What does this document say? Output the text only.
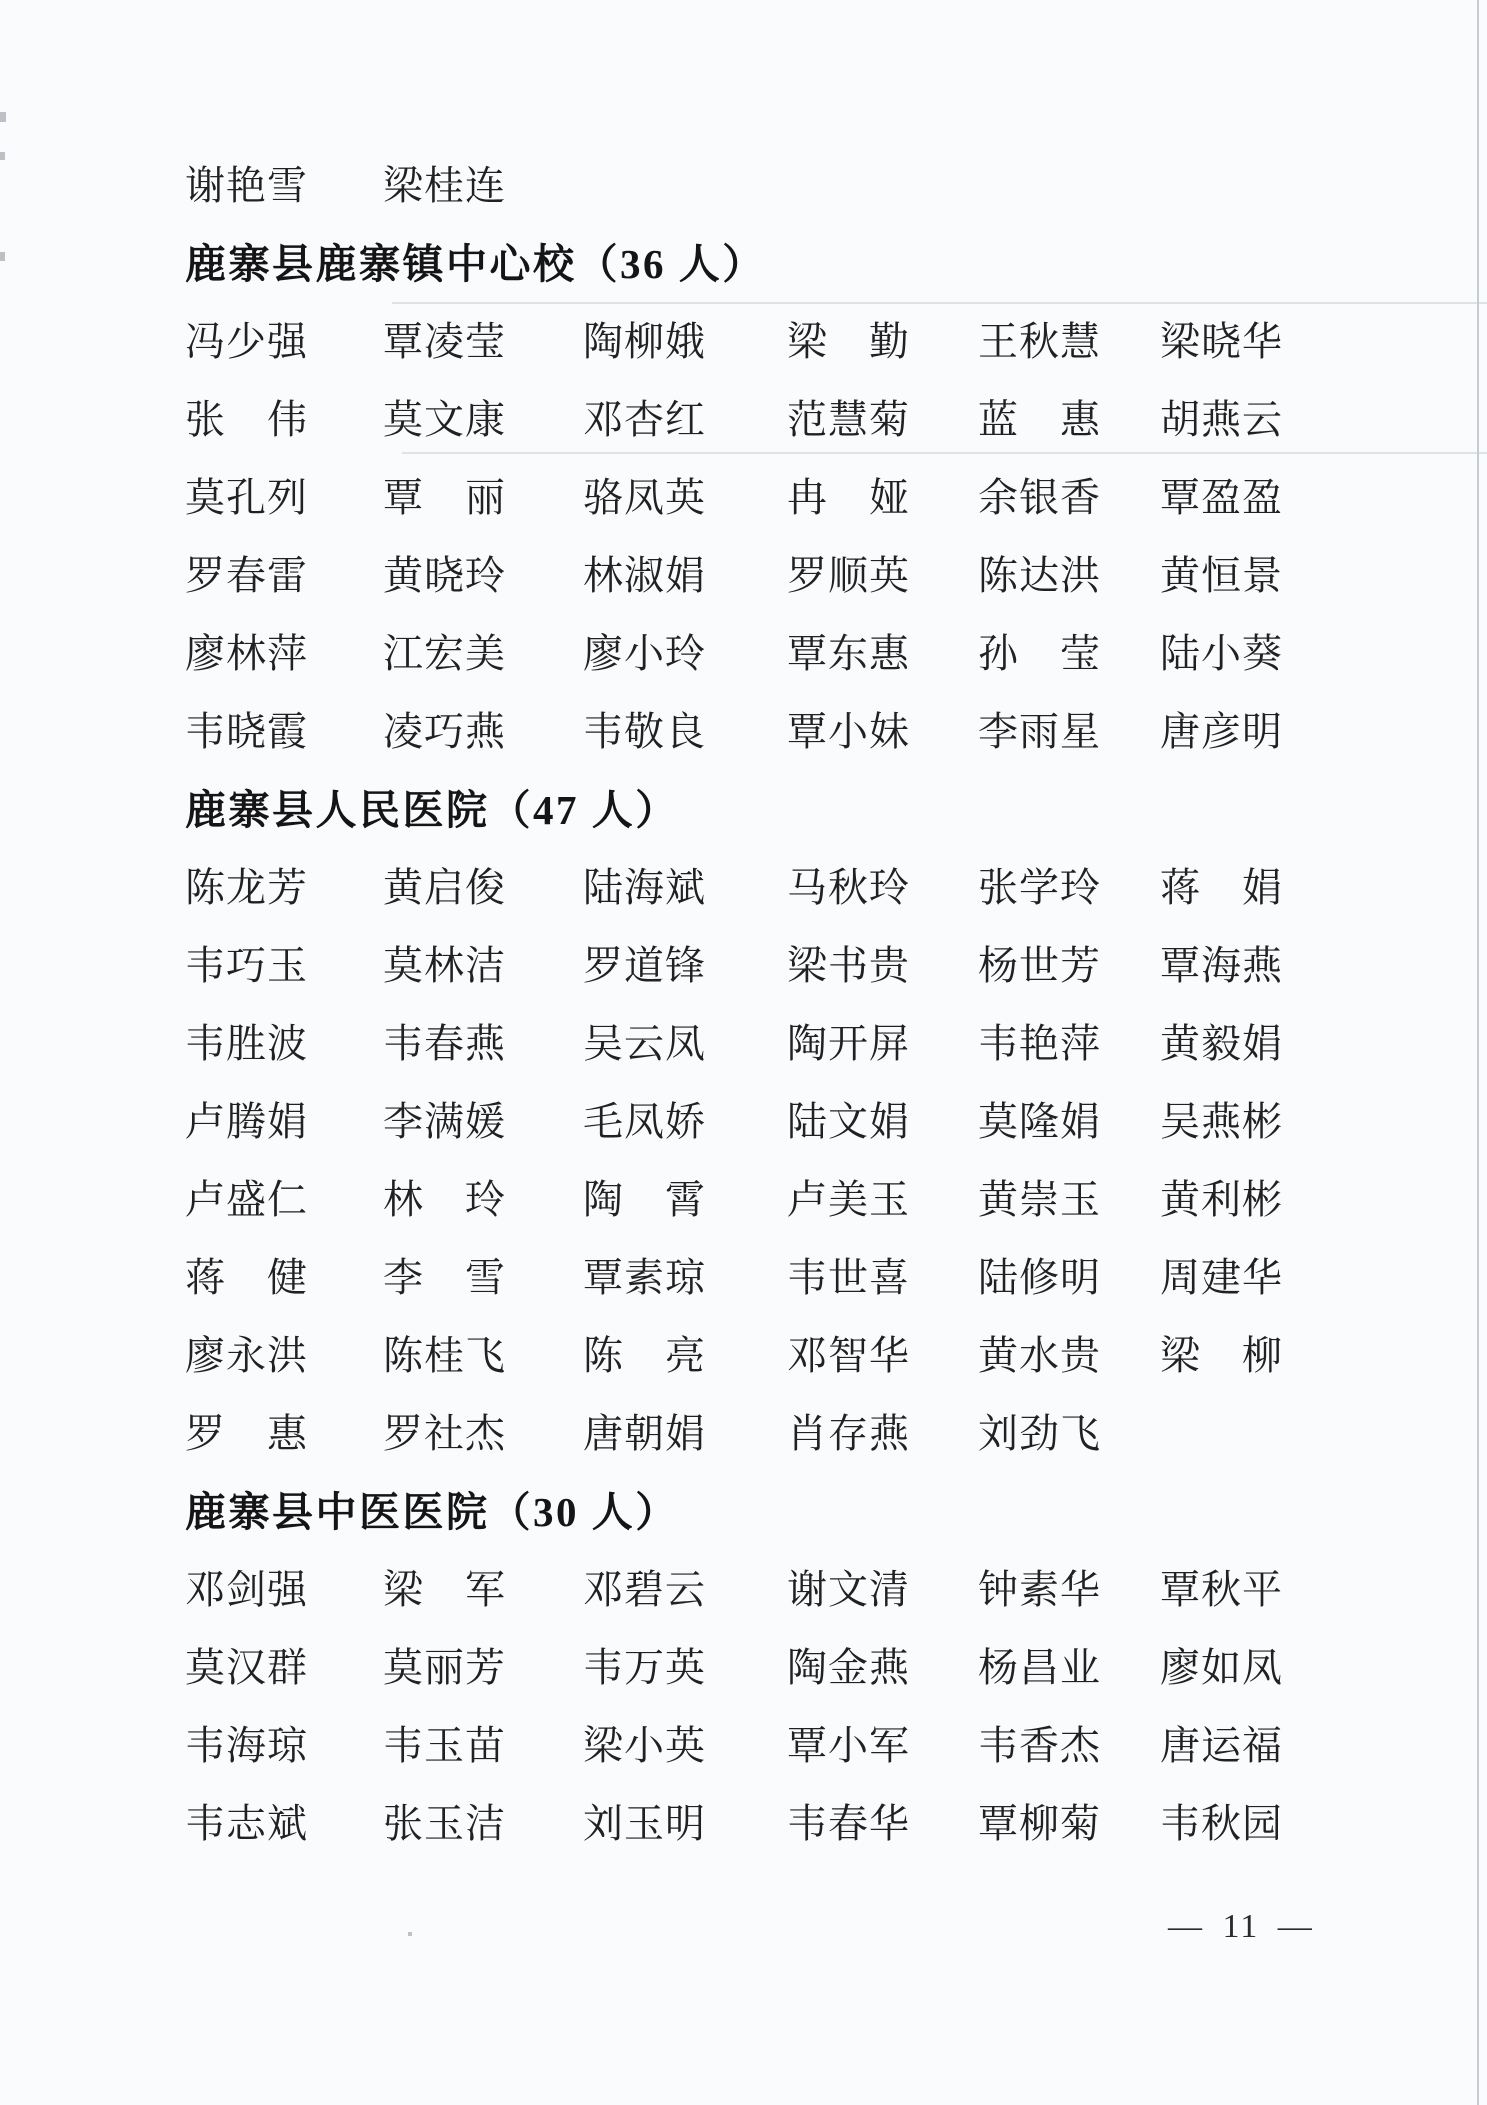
谢艳雪	梁桂连
鹿寨县鹿寨镇中心校（36 人）
冯少强	覃凌莹	陶柳娥	梁　勤	王秋慧	梁晓华
张　伟	莫文康	邓杏红	范慧菊	蓝　惠	胡燕云
莫孔列	覃　丽	骆凤英	冉　娅	余银香	覃盈盈
罗春雷	黄晓玲	林淑娟	罗顺英	陈达洪	黄恒景
廖林萍	江宏美	廖小玲	覃东惠	孙　莹	陆小葵
韦晓霞	凌巧燕	韦敬良	覃小妹	李雨星	唐彦明
鹿寨县人民医院（47 人）
陈龙芳	黄启俊	陆海斌	马秋玲	张学玲	蒋　娟
韦巧玉	莫林洁	罗道锋	梁书贵	杨世芳	覃海燕
韦胜波	韦春燕	吴云凤	陶开屏	韦艳萍	黄毅娟
卢腾娟	李满媛	毛凤娇	陆文娟	莫隆娟	吴燕彬
卢盛仁	林　玲	陶　霄	卢美玉	黄崇玉	黄利彬
蒋　健	李　雪	覃素琼	韦世喜	陆修明	周建华
廖永洪	陈桂飞	陈　亮	邓智华	黄水贵	梁　柳
罗　惠	罗社杰	唐朝娟	肖存燕	刘劲飞
鹿寨县中医医院（30 人）
邓剑强	梁　军	邓碧云	谢文清	钟素华	覃秋平
莫汉群	莫丽芳	韦万英	陶金燕	杨昌业	廖如凤
韦海琼	韦玉苗	梁小英	覃小军	韦香杰	唐运福
韦志斌	张玉洁	刘玉明	韦春华	覃柳菊	韦秋园
— 11 —
